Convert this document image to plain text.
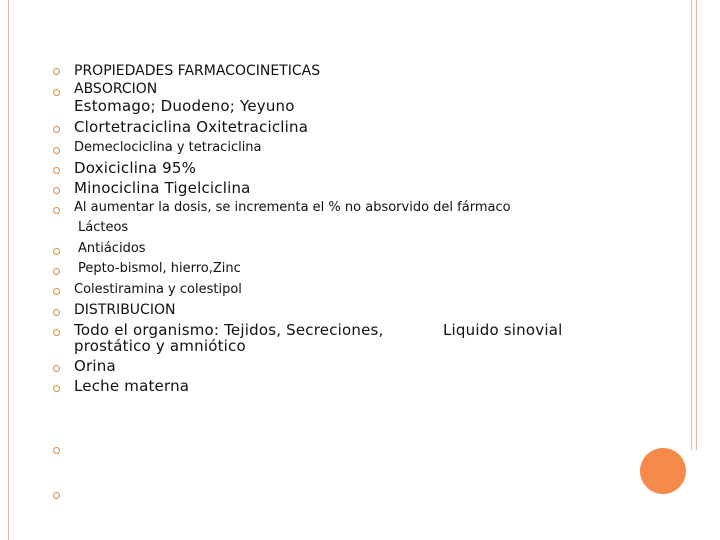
PROPIEDADES FARMACOCINETICAS
ABSORCION
Estomago; Duodeno; Yeyuno
Clortetraciclina Oxitetraciclina
Demeclociclina y tetraciclina
Doxiciclina 95%
Minociclina Tigelciclina
Al aumentar la dosis, se incrementa el % no absorvido del fármaco
Lácteos
Antiácidos
Pepto-bismol, hierro,Zinc
Colestiramina y colestipol
DISTRIBUCION
Todo el organismo: Tejidos, Secreciones,	Liquido sinovial
prostático y amniótico
Orina
Leche materna
